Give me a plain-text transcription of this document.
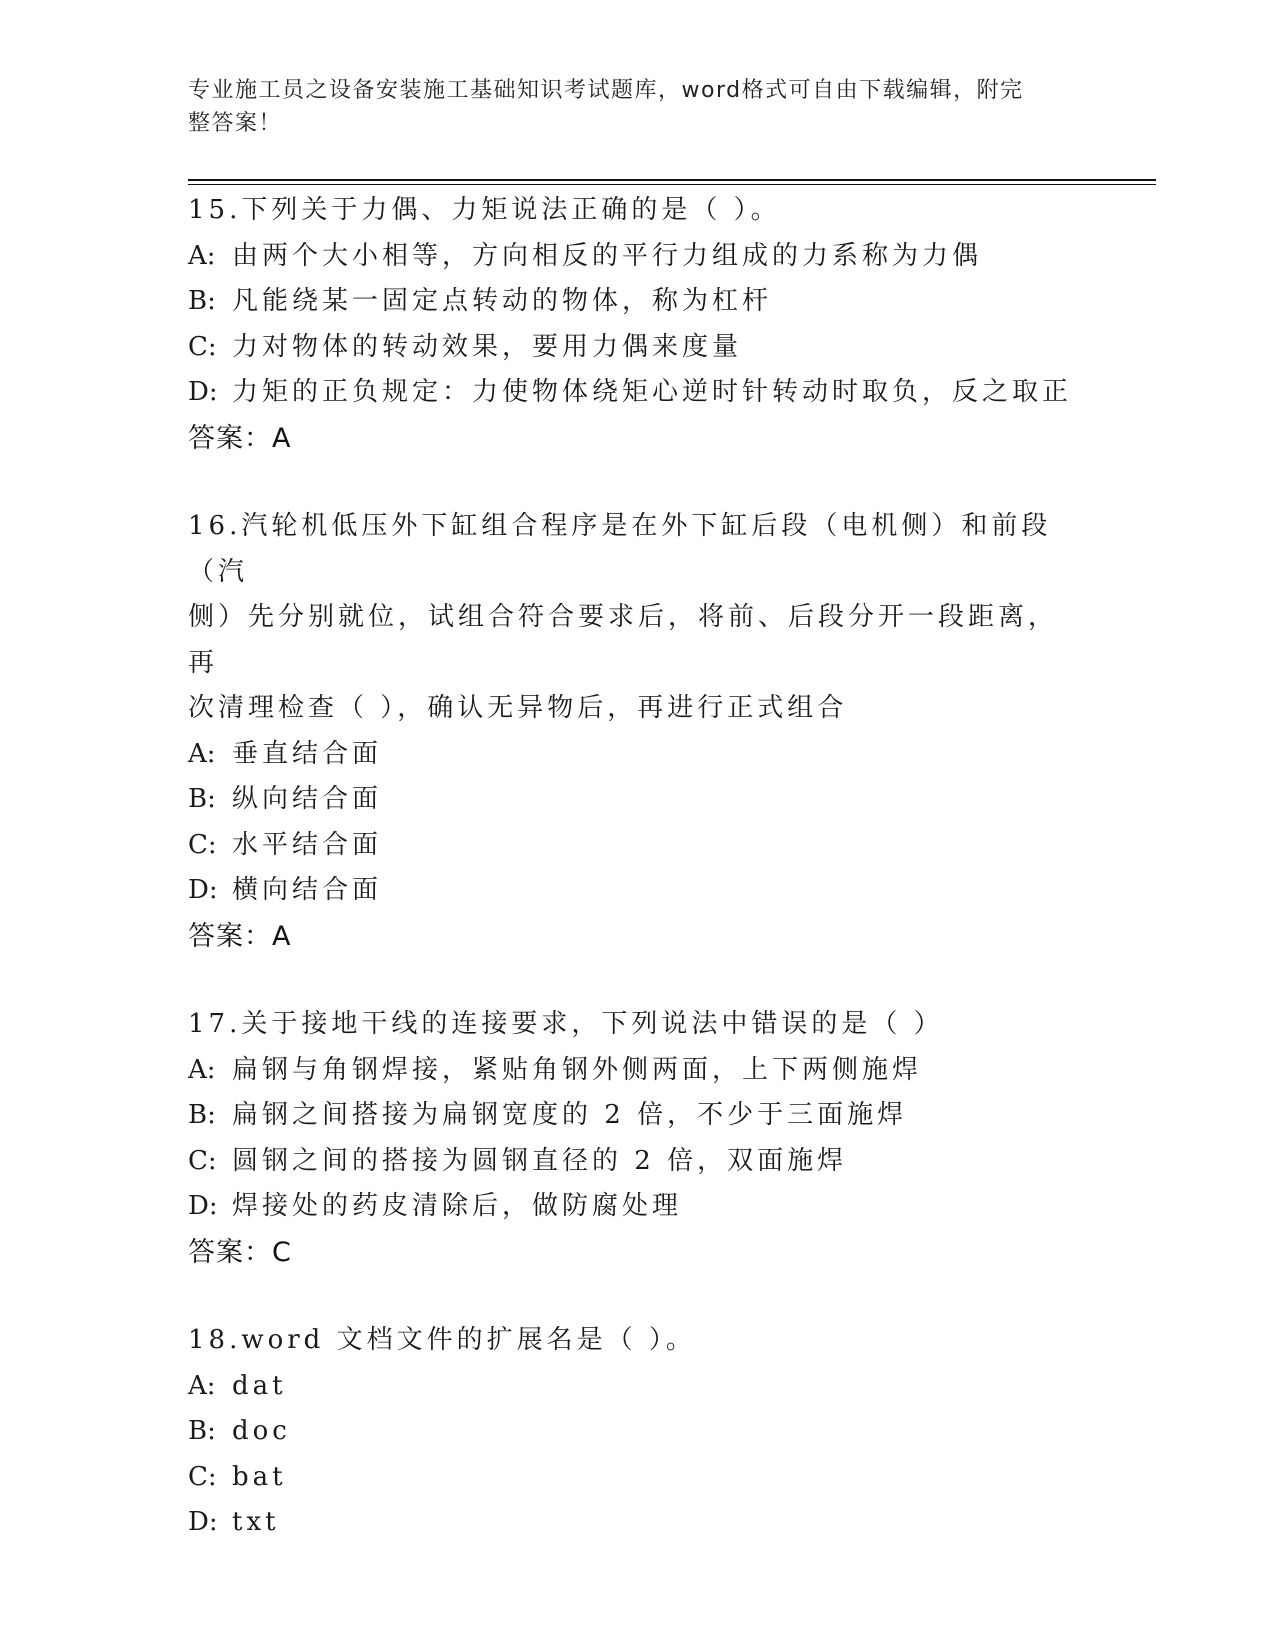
专业施工员之设备安装施工基础知识考试题库，word格式可自由下载编辑，附完
整答案！
15.下列关于力偶、力矩说法正确的是（ ）。
A: 由两个大小相等，方向相反的平行力组成的力系称为力偶
B: 凡能绕某一固定点转动的物体，称为杠杆
C: 力对物体的转动效果，要用力偶来度量
D: 力矩的正负规定：力使物体绕矩心逆时针转动时取负，反之取正
答案：A
16.汽轮机低压外下缸组合程序是在外下缸后段（电机侧）和前段（汽
侧）先分别就位，试组合符合要求后，将前、后段分开一段距离，再
次清理检查（ ），确认无异物后，再进行正式组合
A: 垂直结合面
B: 纵向结合面
C: 水平结合面
D: 横向结合面
答案：A
17.关于接地干线的连接要求，下列说法中错误的是（ ）
A: 扁钢与角钢焊接，紧贴角钢外侧两面，上下两侧施焊
B: 扁钢之间搭接为扁钢宽度的 2 倍，不少于三面施焊
C: 圆钢之间的搭接为圆钢直径的 2 倍，双面施焊
D: 焊接处的药皮清除后，做防腐处理
答案：C
18.word 文档文件的扩展名是（ ）。
A: dat
B: doc
C: bat
D: txt
